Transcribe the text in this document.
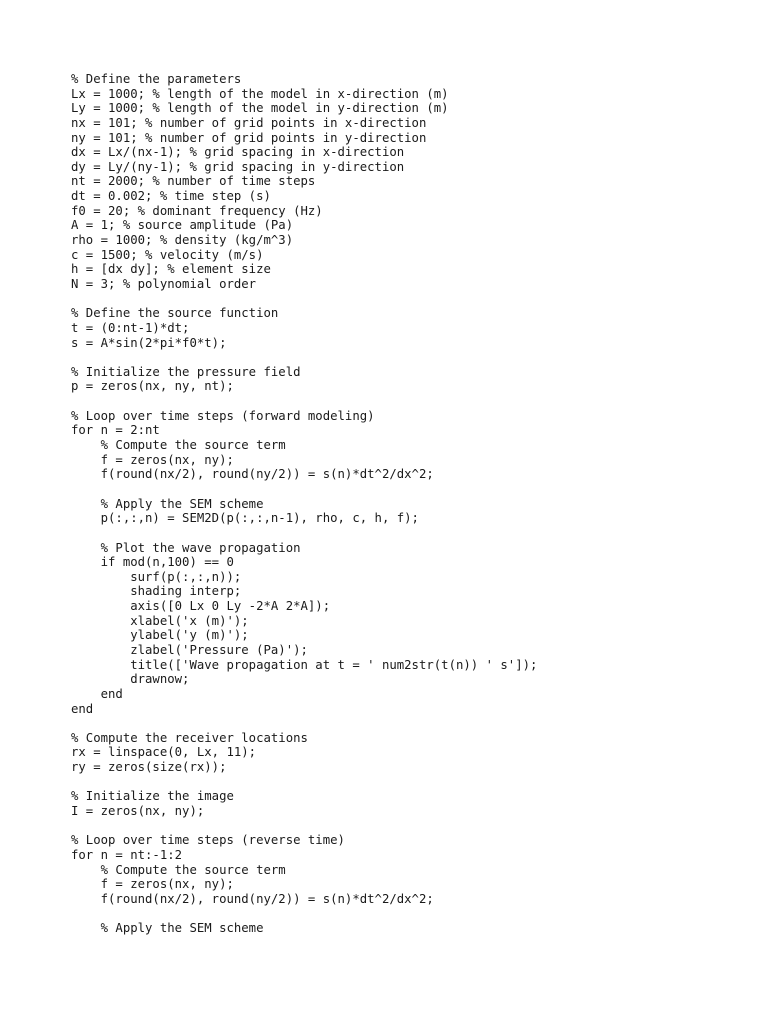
% Define the parameters
Lx = 1000; % length of the model in x-direction (m)
Ly = 1000; % length of the model in y-direction (m)
nx = 101; % number of grid points in x-direction
ny = 101; % number of grid points in y-direction
dx = Lx/(nx-1); % grid spacing in x-direction
dy = Ly/(ny-1); % grid spacing in y-direction
nt = 2000; % number of time steps
dt = 0.002; % time step (s)
f0 = 20; % dominant frequency (Hz)
A = 1; % source amplitude (Pa)
rho = 1000; % density (kg/m^3)
c = 1500; % velocity (m/s)
h = [dx dy]; % element size
N = 3; % polynomial order
% Define the source function
t = (0:nt-1)*dt;
s = A*sin(2*pi*f0*t);
% Initialize the pressure field
p = zeros(nx, ny, nt);
% Loop over time steps (forward modeling)
for n = 2:nt
% Compute the source term
f = zeros(nx, ny);
f(round(nx/2), round(ny/2)) = s(n)*dt^2/dx^2;
% Apply the SEM scheme
p(:,:,n) = SEM2D(p(:,:,n-1), rho, c, h, f);
% Plot the wave propagation
if mod(n,100) == 0
surf(p(:,:,n));
shading interp;
axis([0 Lx 0 Ly -2*A 2*A]);
xlabel('x (m)');
ylabel('y (m)');
zlabel('Pressure (Pa)');
title(['Wave propagation at t = ' num2str(t(n)) ' s']);
drawnow;
end
end
% Compute the receiver locations
rx = linspace(0, Lx, 11);
ry = zeros(size(rx));
% Initialize the image
I = zeros(nx, ny);
% Loop over time steps (reverse time)
for n = nt:-1:2
% Compute the source term
f = zeros(nx, ny);
f(round(nx/2), round(ny/2)) = s(n)*dt^2/dx^2;
% Apply the SEM scheme
